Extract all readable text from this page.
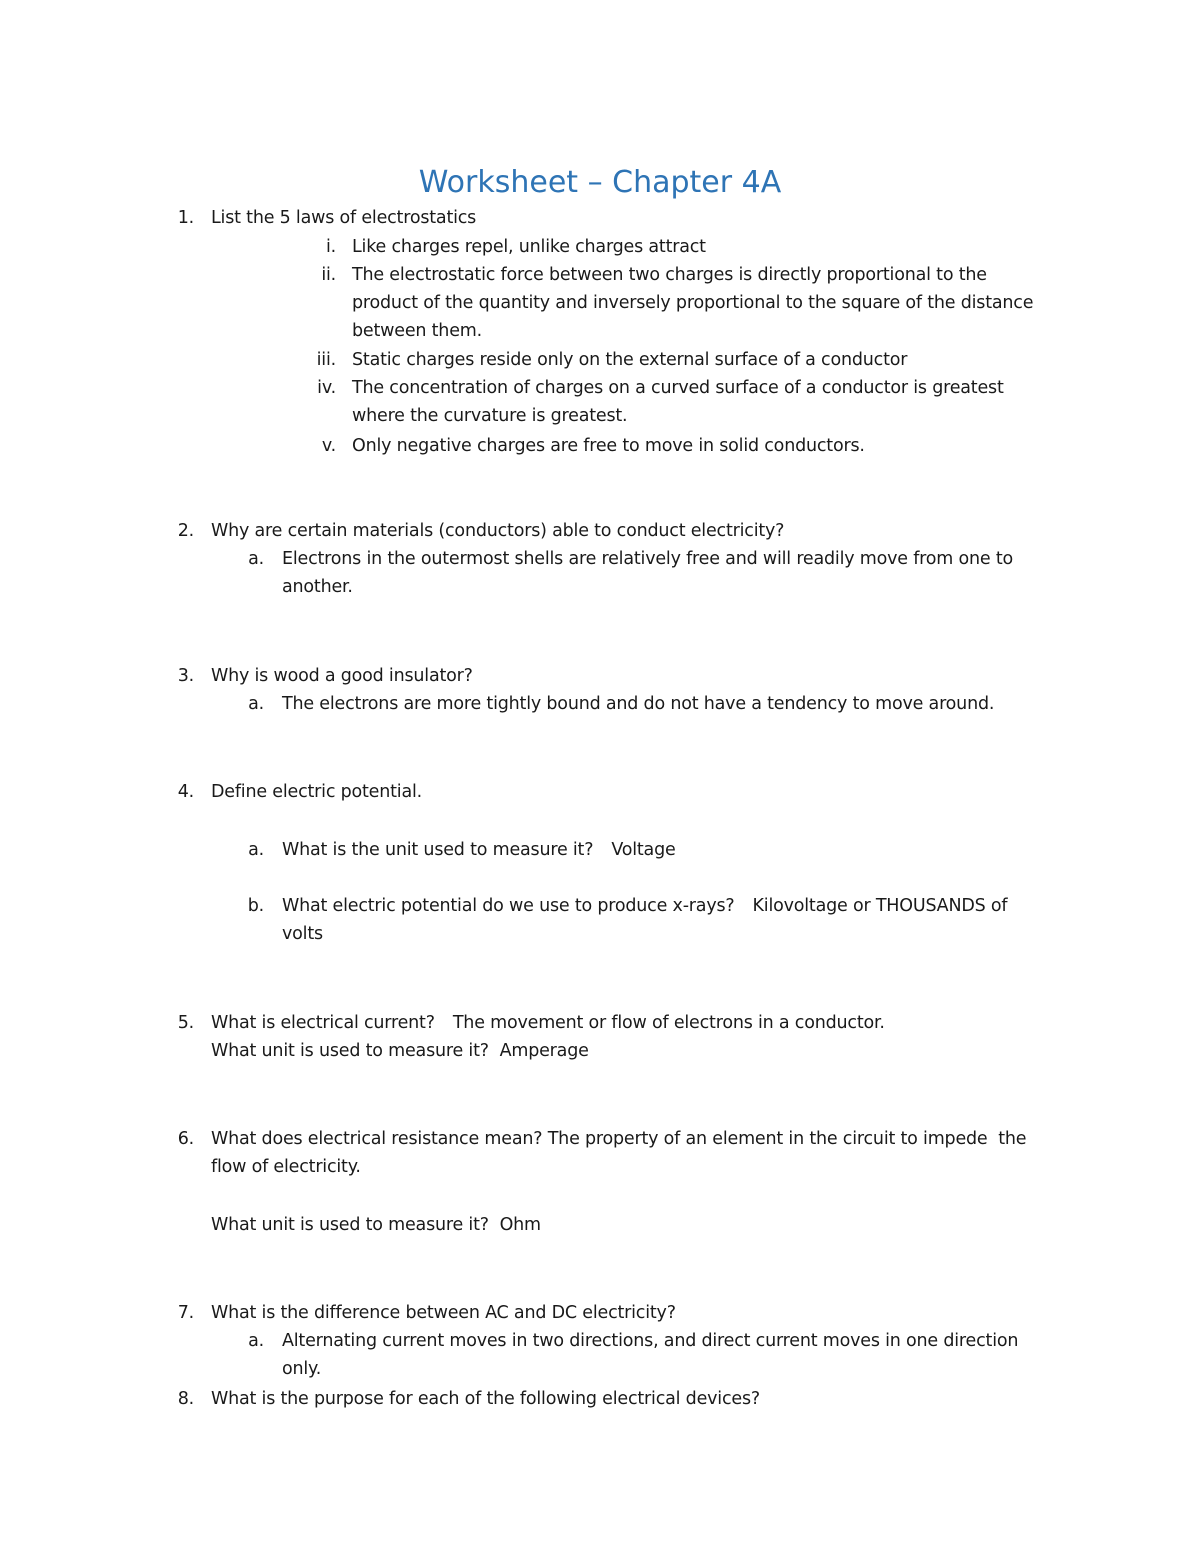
Worksheet – Chapter 4A
1. List the 5 laws of electrostatics
i. Like charges repel, unlike charges attract
ii. The electrostatic force between two charges is directly proportional to the
product of the quantity and inversely proportional to the square of the distance
between them.
iii. Static charges reside only on the external surface of a conductor
iv. The concentration of charges on a curved surface of a conductor is greatest
where the curvature is greatest.
v. Only negative charges are free to move in solid conductors.
2. Why are certain materials (conductors) able to conduct electricity?
a. Electrons in the outermost shells are relatively free and will readily move from one to
another.
3. Why is wood a good insulator?
a. The electrons are more tightly bound and do not have a tendency to move around.
4. Define electric potential.
a. What is the unit used to measure it? Voltage
b. What electric potential do we use to produce x-rays? Kilovoltage or THOUSANDS of
volts
5. What is electrical current? The movement or flow of electrons in a conductor.
What unit is used to measure it? Amperage
6. What does electrical resistance mean? The property of an element in the circuit to impede  the
flow of electricity.
What unit is used to measure it? Ohm
7. What is the difference between AC and DC electricity?
a. Alternating current moves in two directions, and direct current moves in one direction
only.
8. What is the purpose for each of the following electrical devices?
